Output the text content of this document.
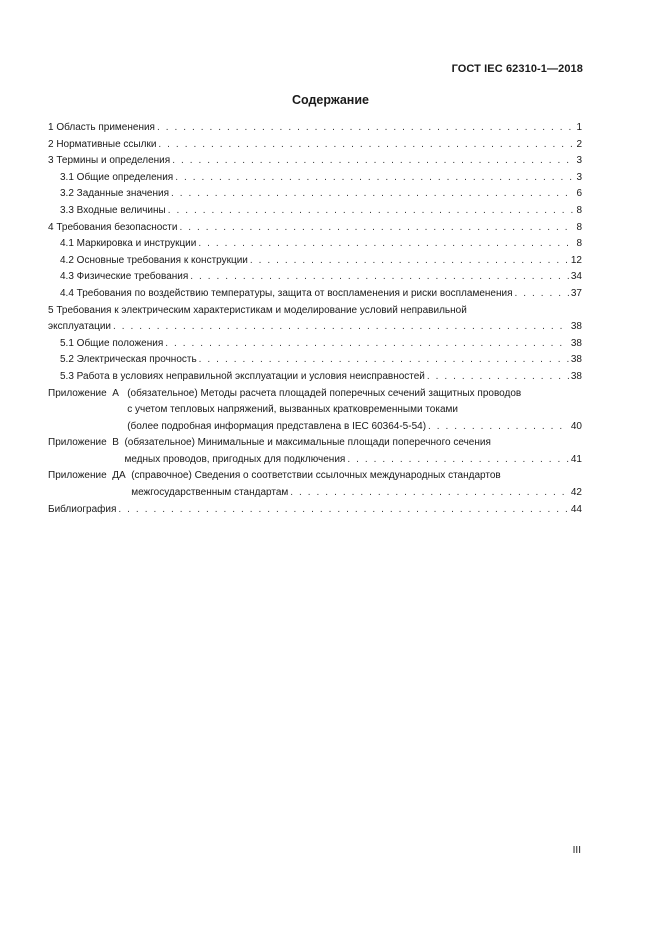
ГОСТ IEC 62310-1—2018
Содержание
1 Область применения . . .	1
2 Нормативные ссылки . . .	2
3 Термины и определения . . .	3
3.1 Общие определения . . .	3
3.2 Заданные значения . . .	6
3.3 Входные величины . . .	8
4 Требования безопасности . . .	8
4.1 Маркировка и инструкции . . .	8
4.2 Основные требования к конструкции . . .	12
4.3 Физические требования . . .	34
4.4 Требования по воздействию температуры, защита от воспламенения и риски воспламенения . . .	37
5 Требования к электрическим характеристикам и моделирование условий неправильной
эксплуатации . . .	38
5.1 Общие положения . . .	38
5.2 Электрическая прочность . . .	38
5.3 Работа в условиях неправильной эксплуатации и условия неисправностей . . .	38
Приложение  А (обязательное) Методы расчета площадей поперечных сечений защитных проводов
с учетом тепловых напряжений, вызванных кратковременными токами
(более подробная информация представлена в IEC 60364-5-54) . . .	40
Приложение  В (обязательное) Минимальные и максимальные площади поперечного сечения
медных проводов, пригодных для подключения . . .	41
Приложение  ДА (справочное) Сведения о соответствии ссылочных международных стандартов
межгосударственным стандартам . . .	42
Библиография . . .	44
III
